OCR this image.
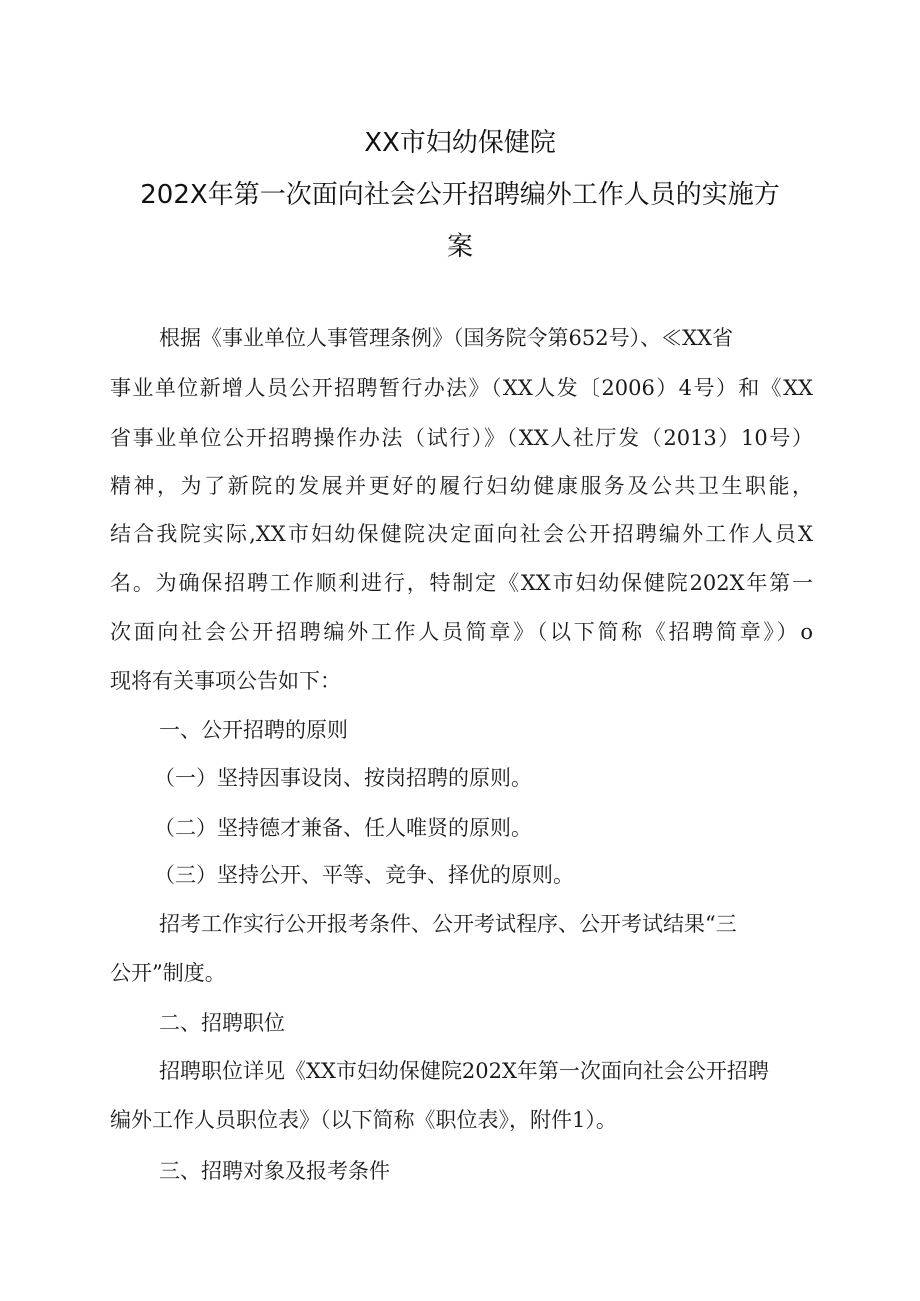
XX市妇幼保健院
202X年第一次面向社会公开招聘编外工作人员的实施方
案
根据《事业单位人事管理条例》（国务院令第652号）、≪XX省
事业单位新增人员公开招聘暂行办法》（XX人发〔2006）4号）和《XX
省事业单位公开招聘操作办法（试行）》（XX人社厅发（2013）10号）
精神，为了新院的发展并更好的履行妇幼健康服务及公共卫生职能，
结合我院实际,XX市妇幼保健院决定面向社会公开招聘编外工作人员X
名。为确保招聘工作顺利进行，特制定《XX市妇幼保健院202X年第一
次面向社会公开招聘编外工作人员简章》（以下简称《招聘简章》）o
现将有关事项公告如下：
一、公开招聘的原则
（一）坚持因事设岗、按岗招聘的原则。
（二）坚持德才兼备、任人唯贤的原则。
（三）坚持公开、平等、竞争、择优的原则。
招考工作实行公开报考条件、公开考试程序、公开考试结果“三
公开”制度。
二、招聘职位
招聘职位详见《XX市妇幼保健院202X年第一次面向社会公开招聘
编外工作人员职位表》（以下简称《职位表》，附件1）。
三、招聘对象及报考条件
